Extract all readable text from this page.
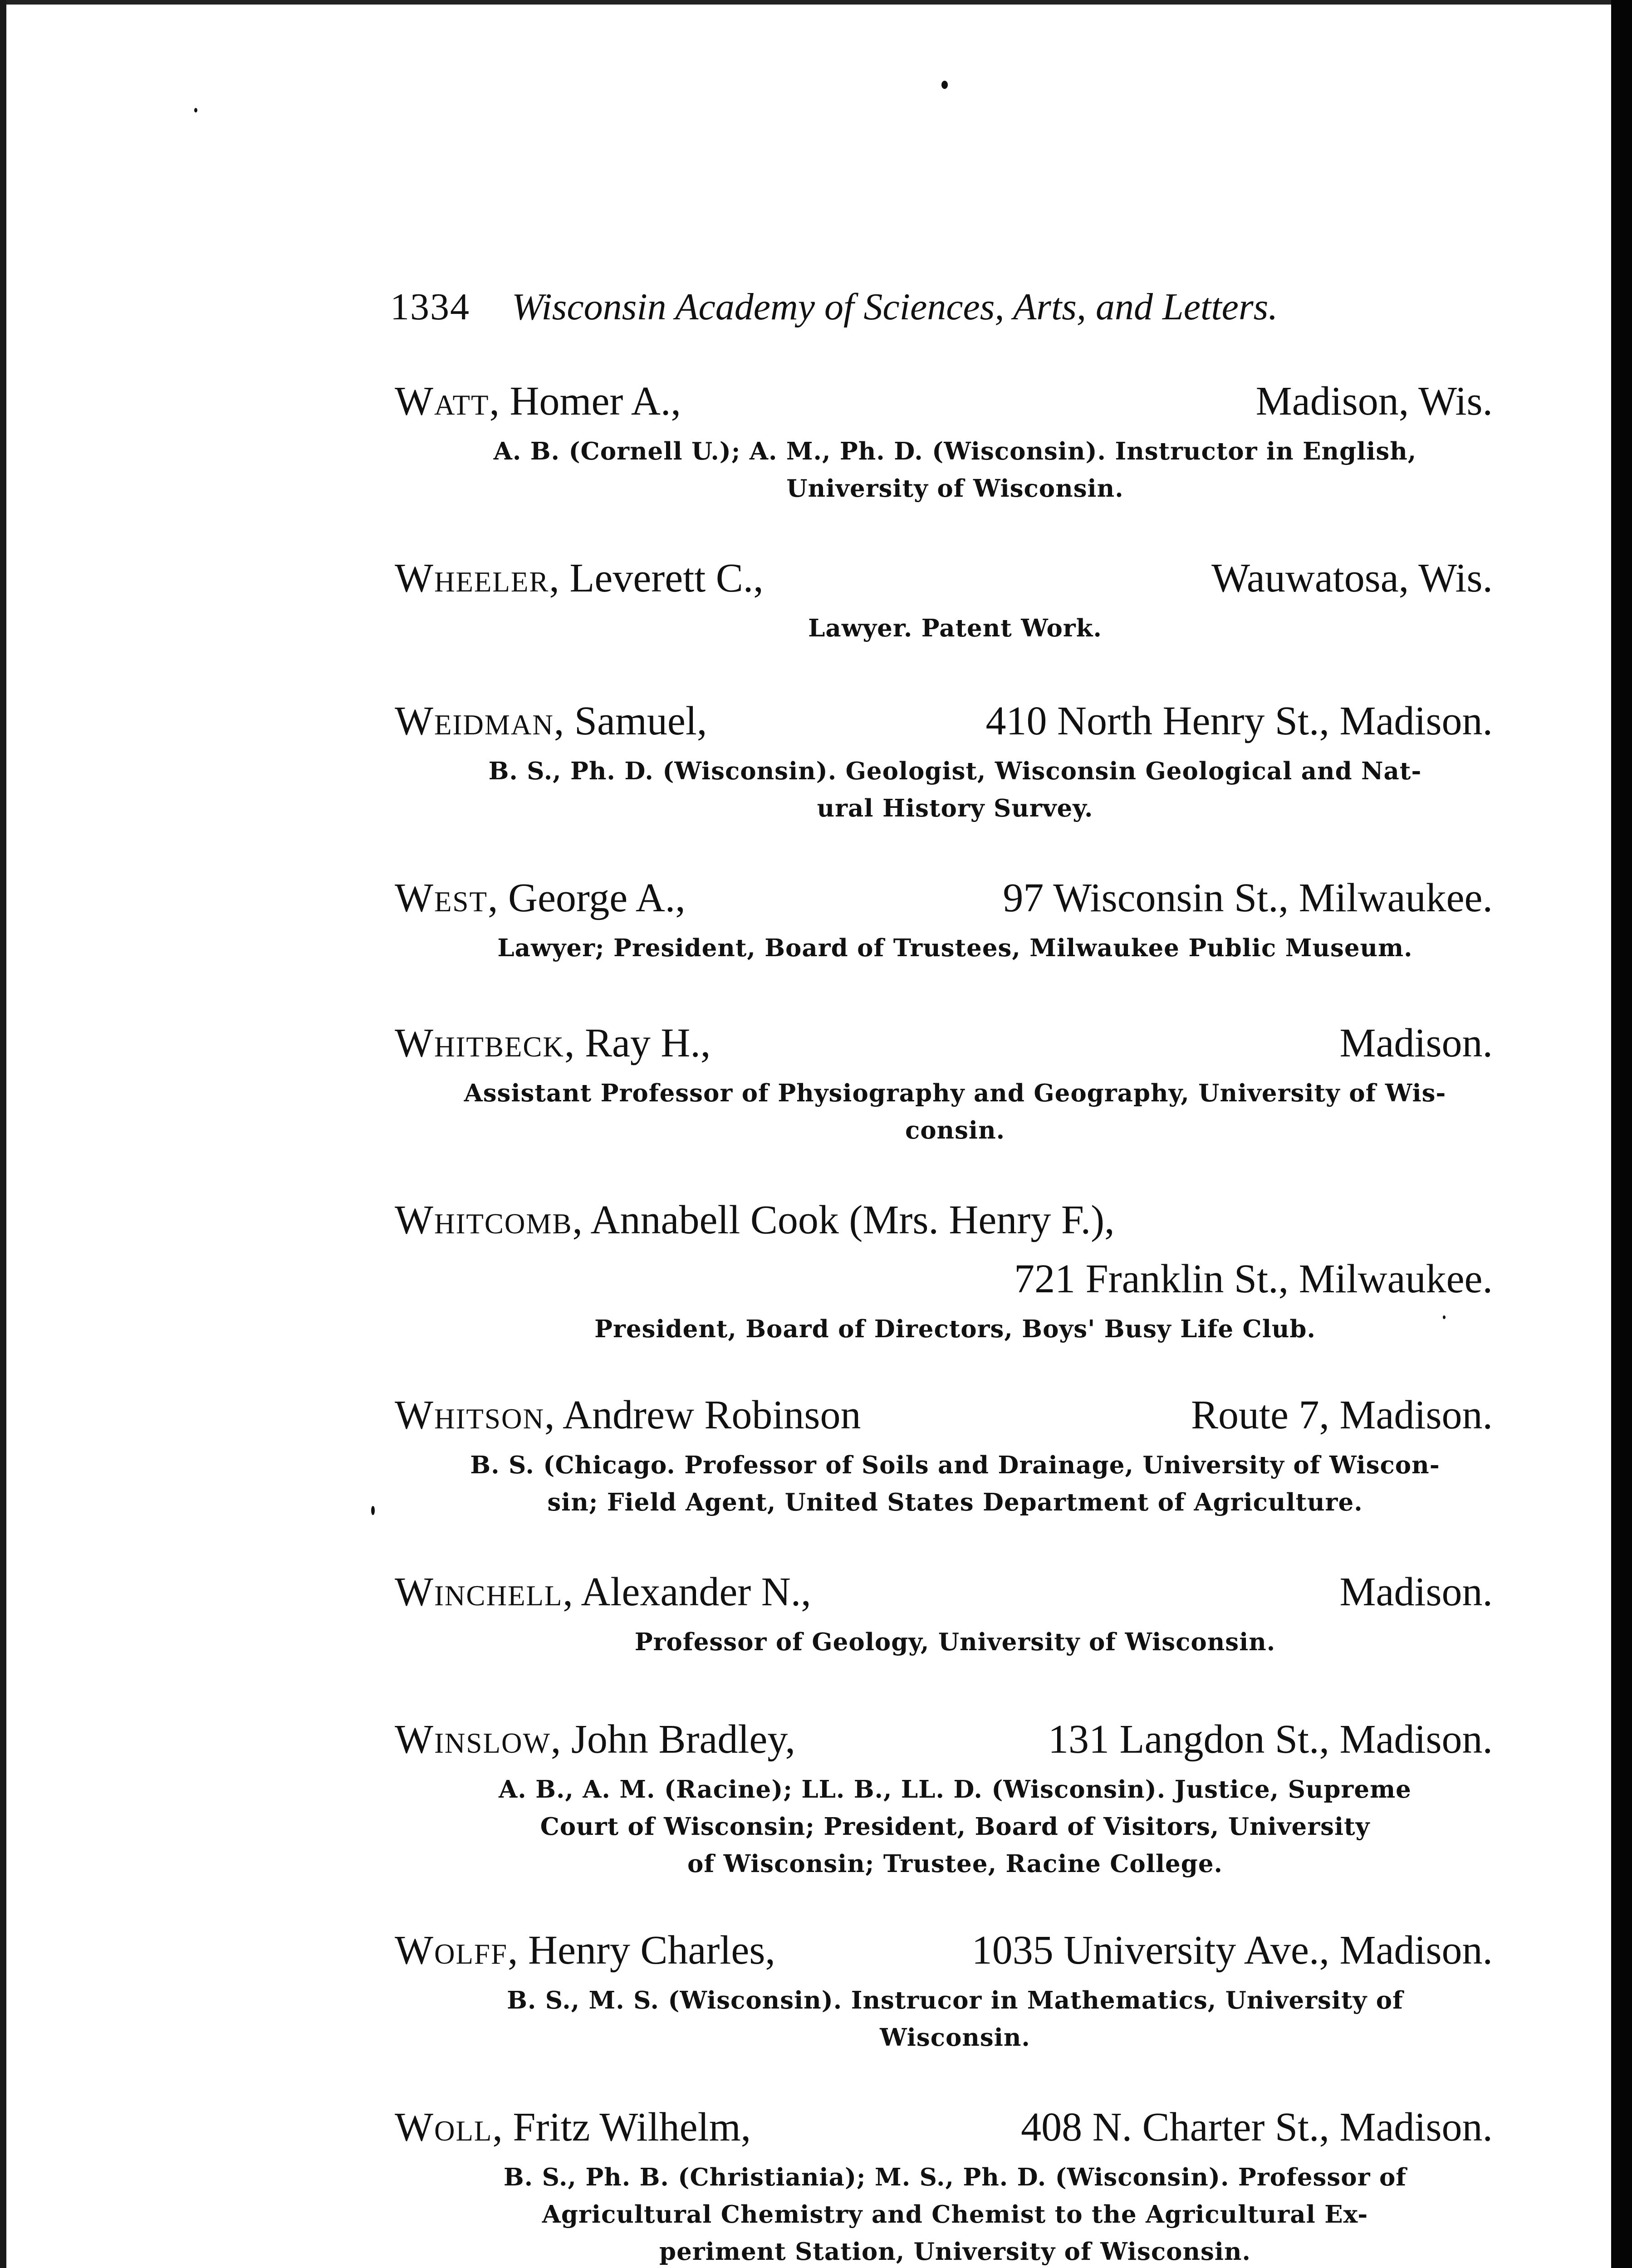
1334 Wisconsin Academy of Sciences, Arts, and Letters.
Watt, Homer A.,	Madison, Wis.
A. B. (Cornell U.); A. M., Ph. D. (Wisconsin). Instructor in English,
University of Wisconsin.
Wheeler, Leverett C.,	Wauwatosa, Wis.
Lawyer. Patent Work.
Weidman, Samuel,	410 North Henry St., Madison.
B. S., Ph. D. (Wisconsin). Geologist, Wisconsin Geological and Nat-
ural History Survey.
West, George A.,	97 Wisconsin St., Milwaukee.
Lawyer; President, Board of Trustees, Milwaukee Public Museum.
Whitbeck, Ray H.,	Madison.
Assistant Professor of Physiography and Geography, University of Wis-
consin.
Whitcomb, Annabell Cook (Mrs. Henry F.),
721 Franklin St., Milwaukee.
President, Board of Directors, Boys' Busy Life Club.
Whitson, Andrew Robinson	Route 7, Madison.
B. S. (Chicago. Professor of Soils and Drainage, University of Wiscon-
sin; Field Agent, United States Department of Agriculture.
Winchell, Alexander N.,	Madison.
Professor of Geology, University of Wisconsin.
Winslow, John Bradley,	131 Langdon St., Madison.
A. B., A. M. (Racine); LL. B., LL. D. (Wisconsin). Justice, Supreme
Court of Wisconsin; President, Board of Visitors, University
of Wisconsin; Trustee, Racine College.
Wolff, Henry Charles,	1035 University Ave., Madison.
B. S., M. S. (Wisconsin). Instrucor in Mathematics, University of
Wisconsin.
Woll, Fritz Wilhelm,	408 N. Charter St., Madison.
B. S., Ph. B. (Christiania); M. S., Ph. D. (Wisconsin). Professor of
Agricultural Chemistry and Chemist to the Agricultural Ex-
periment Station, University of Wisconsin.
